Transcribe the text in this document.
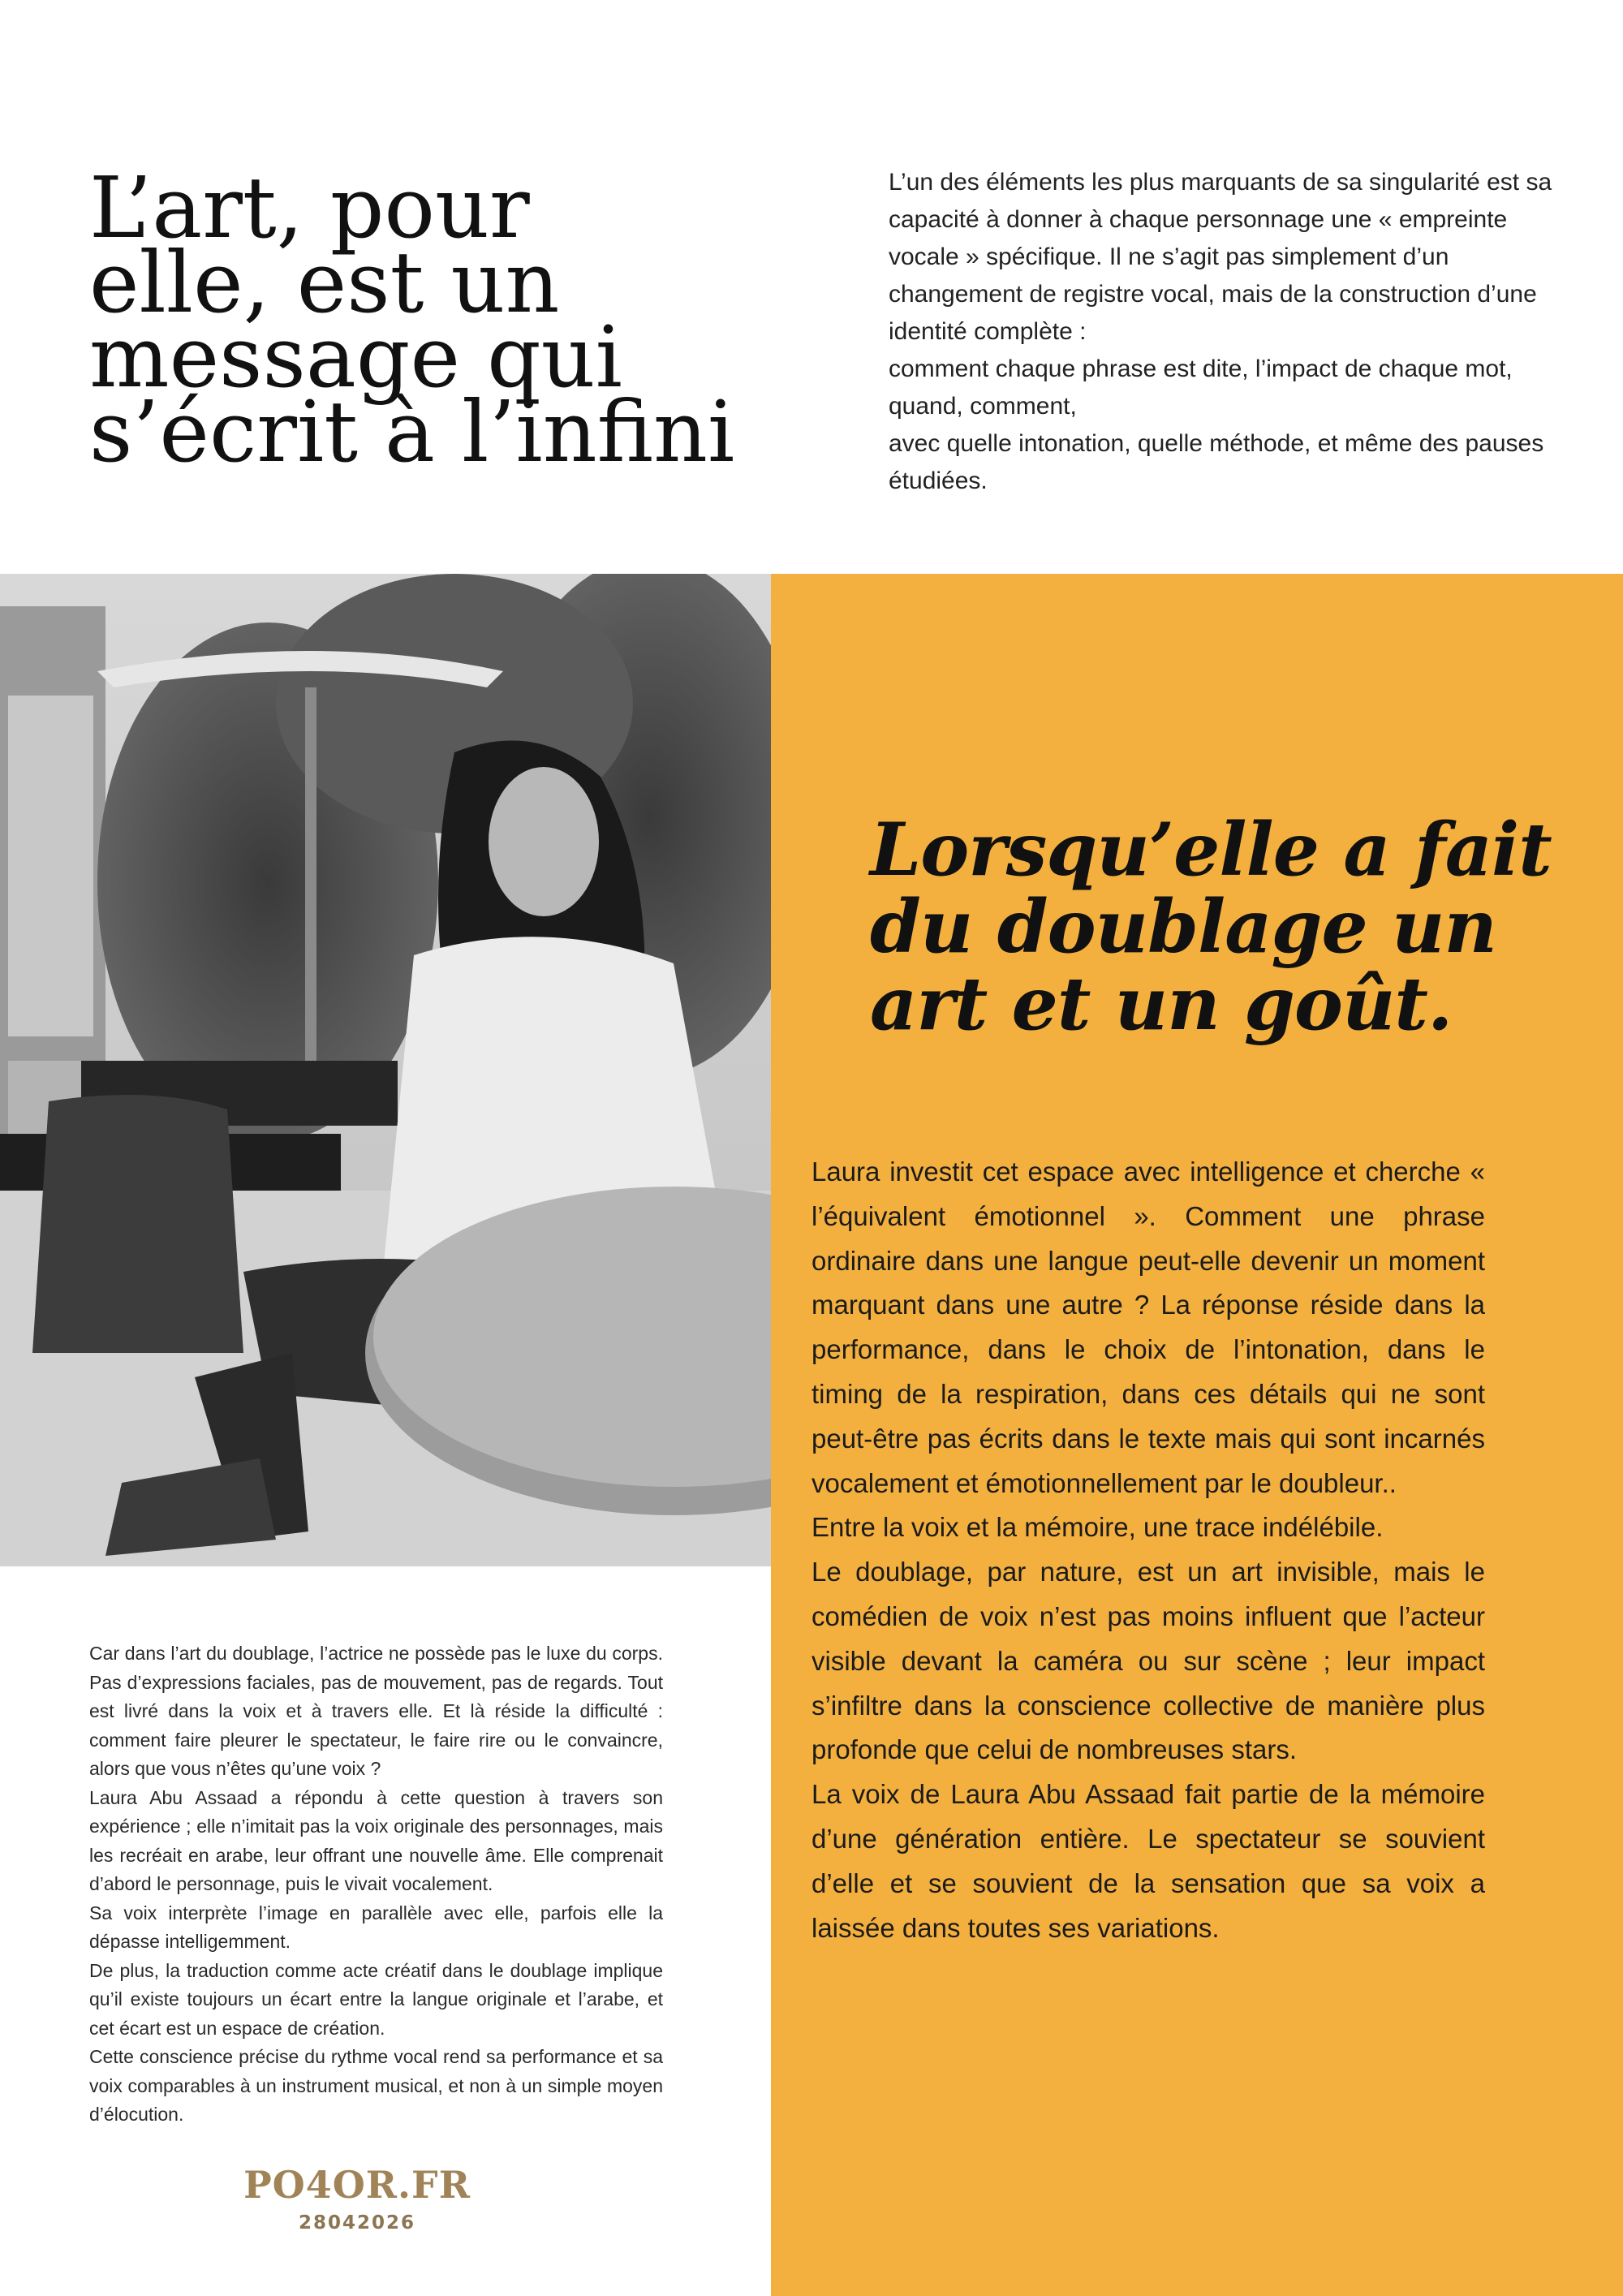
L’art, pour
elle, est un
message qui
s’écrit à l’infini

L’un des éléments les plus marquants de sa singularité est sa capacité à donner à chaque personnage une « empreinte vocale » spécifique. Il ne s’agit pas simplement d’un changement de registre vocal, mais de la construction d’une identité complète :

comment chaque phrase est dite, l’impact de chaque mot, quand, comment,

avec quelle intonation, quelle méthode, et même des pauses étudiées.

Lorsqu’elle a fait
du doublage un
art et un goût.

Laura investit cet espace avec intelligence et cherche « l’équivalent émotionnel ». Comment une phrase ordinaire dans une langue peut-elle devenir un moment marquant dans une autre ? La réponse réside dans la performance, dans le choix de l’intonation, dans le timing de la respiration, dans ces détails qui ne sont peut-être pas écrits dans le texte mais qui sont incarnés vocalement et émotionnellement par le doubleur..

Entre la voix et la mémoire, une trace indélébile.

Le doublage, par nature, est un art invisible, mais le comédien de voix n’est pas moins influent que l’acteur visible devant la caméra ou sur scène ; leur impact s’infiltre dans la conscience collective de manière plus profonde que celui de nombreuses stars.

La voix de Laura Abu Assaad fait partie de la mémoire d’une génération entière. Le spectateur se souvient d’elle et se souvient de la sensation que sa voix a laissée dans toutes ses variations.

Car dans l’art du doublage, l’actrice ne possède pas le luxe du corps. Pas d’expressions faciales, pas de mouvement, pas de regards. Tout est livré dans la voix et à travers elle. Et là réside la difficulté : comment faire pleurer le spectateur, le faire rire ou le convaincre, alors que vous n’êtes qu’une voix ?

Laura Abu Assaad a répondu à cette question à travers son expérience ; elle n’imitait pas la voix originale des personnages, mais les recréait en arabe, leur offrant une nouvelle âme. Elle comprenait d’abord le personnage, puis le vivait vocalement.

Sa voix interprète l’image en parallèle avec elle, parfois elle la dépasse intelligemment.

De plus, la traduction comme acte créatif dans le doublage implique qu’il existe toujours un écart entre la langue originale et l’arabe, et cet écart est un espace de création.

Cette conscience précise du rythme vocal rend sa performance et sa voix comparables à un instrument musical, et non à un simple moyen d’élocution.

PO4OR.FR
28042026
